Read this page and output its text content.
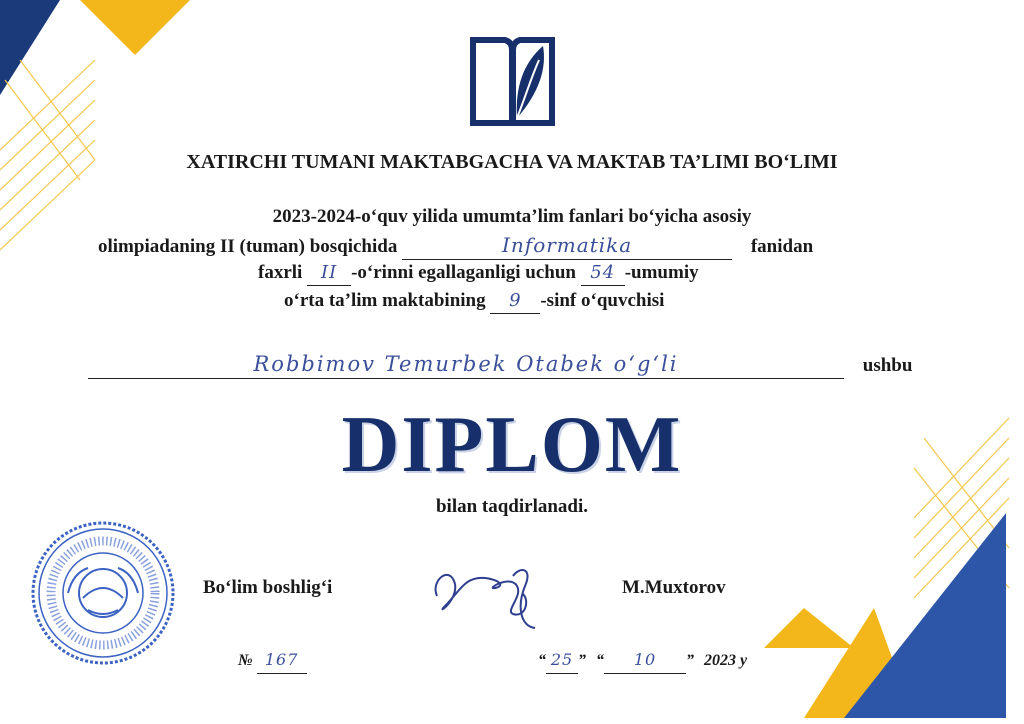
XATIRCHI TUMANI MAKTABGACHA VA MAKTAB TA’LIMI BO‘LIMI
2023-2024-o‘quv yilida umumta’lim fanlari bo‘yicha asosiy
olimpiadaning II (tuman) bosqichida	Informatika	fanidan
faxrli II -o‘rinni egallaganligi uchun 54 -umumiy
o‘rta ta’lim maktabining 9 -sinf o‘quvchisi
Robbimov Temurbek Otabek o‘g‘li	ushbu
DIPLOM
bilan taqdirlanadi.
Bo‘lim boshlig‘i	M.Muxtorov
№ 167	“ 25 ” “ 10 ” 2023 y
